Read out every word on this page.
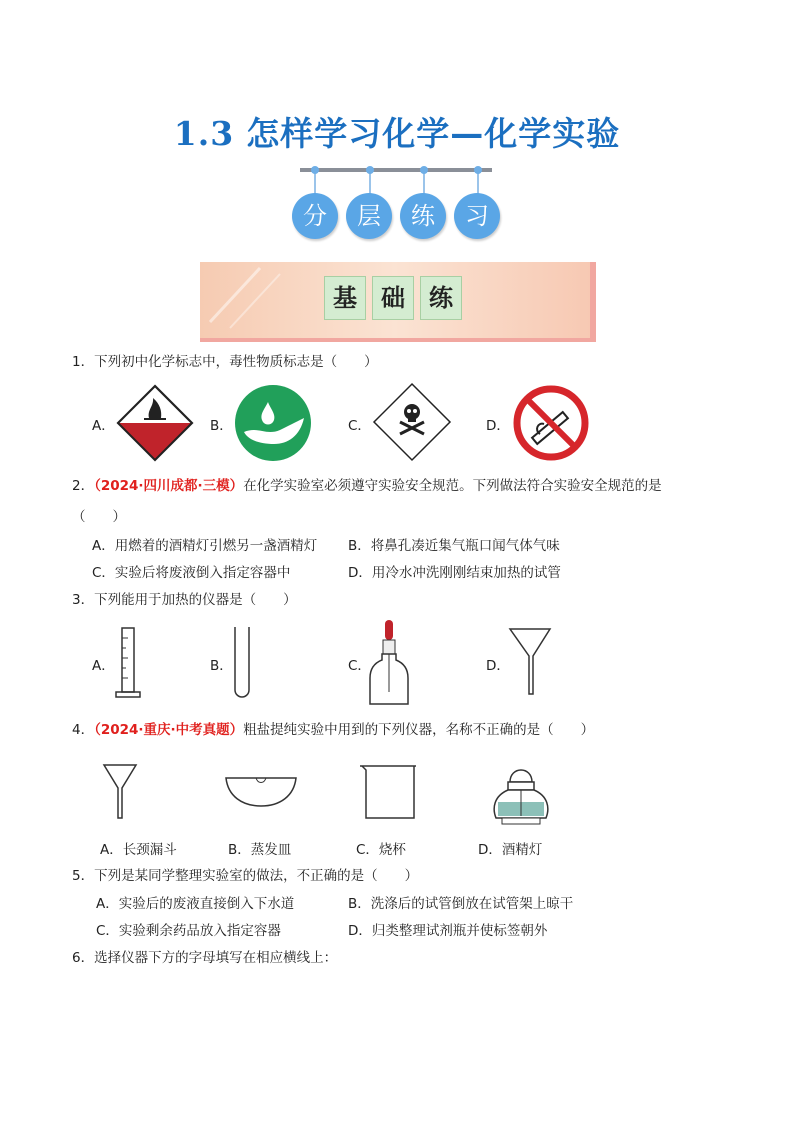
1.3 怎样学习化学—化学实验
分	层	练	习
基	础	练
1．下列初中化学标志中，毒性物质标志是（　　）
A．	B．	C．	D．
2．（2024·四川成都·三模）在化学实验室必须遵守实验安全规范。下列做法符合实验安全规范的是
（　　）
A．用燃着的酒精灯引燃另一盏酒精灯 B．将鼻孔凑近集气瓶口闻气体气味
C．实验后将废液倒入指定容器中	D．用冷水冲洗刚刚结束加热的试管
3．下列能用于加热的仪器是（　　）
A．	B．	C．	D．
4．（2024·重庆·中考真题）粗盐提纯实验中用到的下列仪器，名称不正确的是（　　）
A．长颈漏斗	B．蒸发皿	C．烧杯	D．酒精灯
5．下列是某同学整理实验室的做法，不正确的是（　　）
A．实验后的废液直接倒入下水道	B．洗涤后的试管倒放在试管架上晾干
C．实验剩余药品放入指定容器	D．归类整理试剂瓶并使标签朝外
6．选择仪器下方的字母填写在相应横线上：
